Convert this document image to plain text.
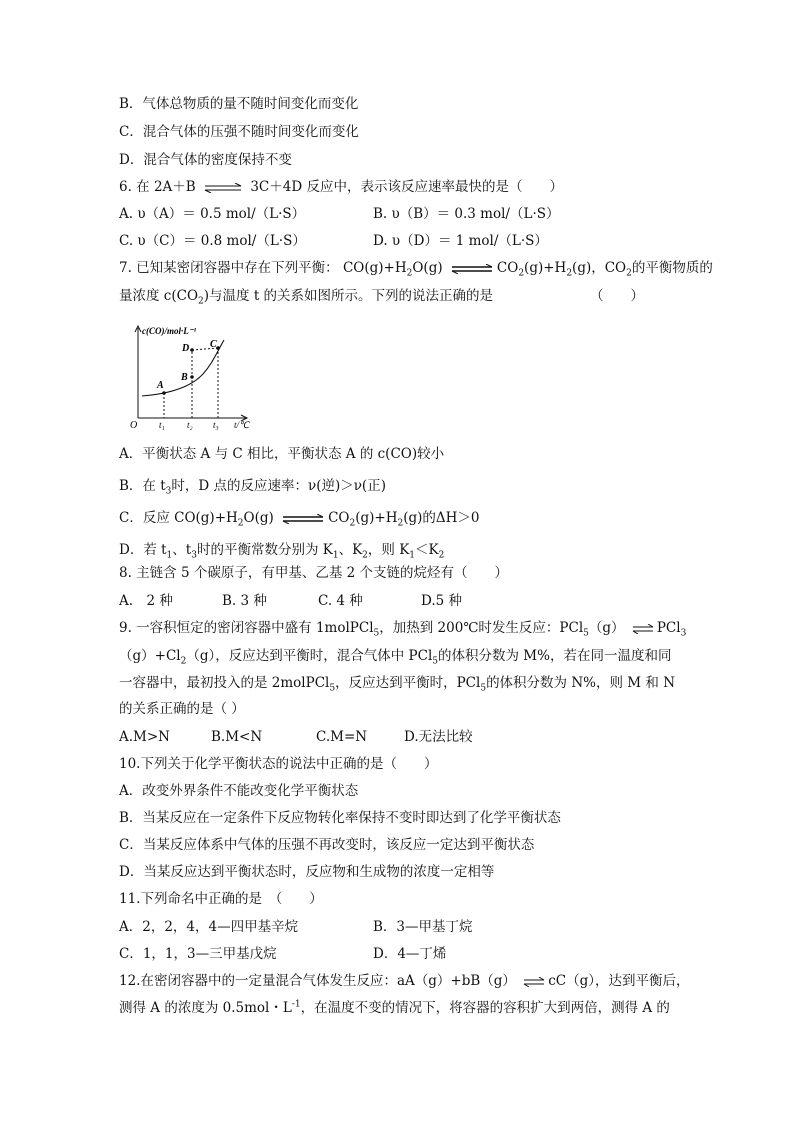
B．气体总物质的量不随时间变化而变化
C．混合气体的压强不随时间变化而变化
D．混合气体的密度保持不变
6. 在 2A＋B ⇌ 3C＋4D 反应中，表示该反应速率最快的是（　　）
A. υ（A）＝ 0.5 mol/（L·S）	B. υ（B）＝ 0.3 mol/（L·S）
C. υ（C）＝ 0.8 mol/（L·S）	D. υ（D）＝ 1 mol/（L·S）
7. 已知某密闭容器中存在下列平衡： $CO(g)+H_2O(g)$ ⇌ $CO_2(g)+H_2(g)$，$CO_2$的平衡物质的
量浓度 $c(CO_2)$与温度 t 的关系如图所示。下列的说法正确的是	（　　）
c(CO)/mol·L⁻¹
A
B
C
D
O t₁ t₂ t₃ t/℃
A．平衡状态 A 与 C 相比，平衡状态 A 的 c(CO)较小
B．在 $t_3$时，D 点的反应速率：ν(逆)＞ν(正)
C．反应 $CO(g)+H_2O(g)$ ⇌ $CO_2(g)+H_2(g)$的ΔH＞0
D．若 $t_1$、$t_3$时的平衡常数分别为 $K_1$、$K_2$，则 $K_1<K_2$
8. 主链含 5 个碳原子，有甲基、乙基 2 个支链的烷烃有（　　）
A.　2 种	B. 3 种	C. 4 种	D.5 种
9. 一容积恒定的密闭容器中盛有 1molPCl$_5$，加热到 200℃时发生反应：PCl$_5$（g） ⇌ PCl$_3$
$(g)+Cl_2(g)$，反应达到平衡时，混合气体中 PCl$_5$的体积分数为 M%，若在同一温度和同
一容器中，最初投入的是 2molPCl$_5$，反应达到平衡时，PCl$_5$的体积分数为 N%，则 M 和 N
的关系正确的是（ ）
A.M>N	B.M<N	C.M=N	D.无法比较
10.下列关于化学平衡状态的说法中正确的是（　　）
A．改变外界条件不能改变化学平衡状态
B．当某反应在一定条件下反应物转化率保持不变时即达到了化学平衡状态
C．当某反应体系中气体的压强不再改变时，该反应一定达到平衡状态
D．当某反应达到平衡状态时，反应物和生成物的浓度一定相等
11.下列命名中正确的是　（　　）
A．2，2，4，4—四甲基辛烷	B．3—甲基丁烷
C．1，1，3—三甲基戊烷	D．4—丁烯
12.在密闭容器中的一定量混合气体发生反应：aA（g）+bB（g） ⇌ cC（g），达到平衡后，
测得 A 的浓度为 0.5mol・$L^{-1}$，在温度不变的情况下，将容器的容积扩大到两倍，测得 A 的
